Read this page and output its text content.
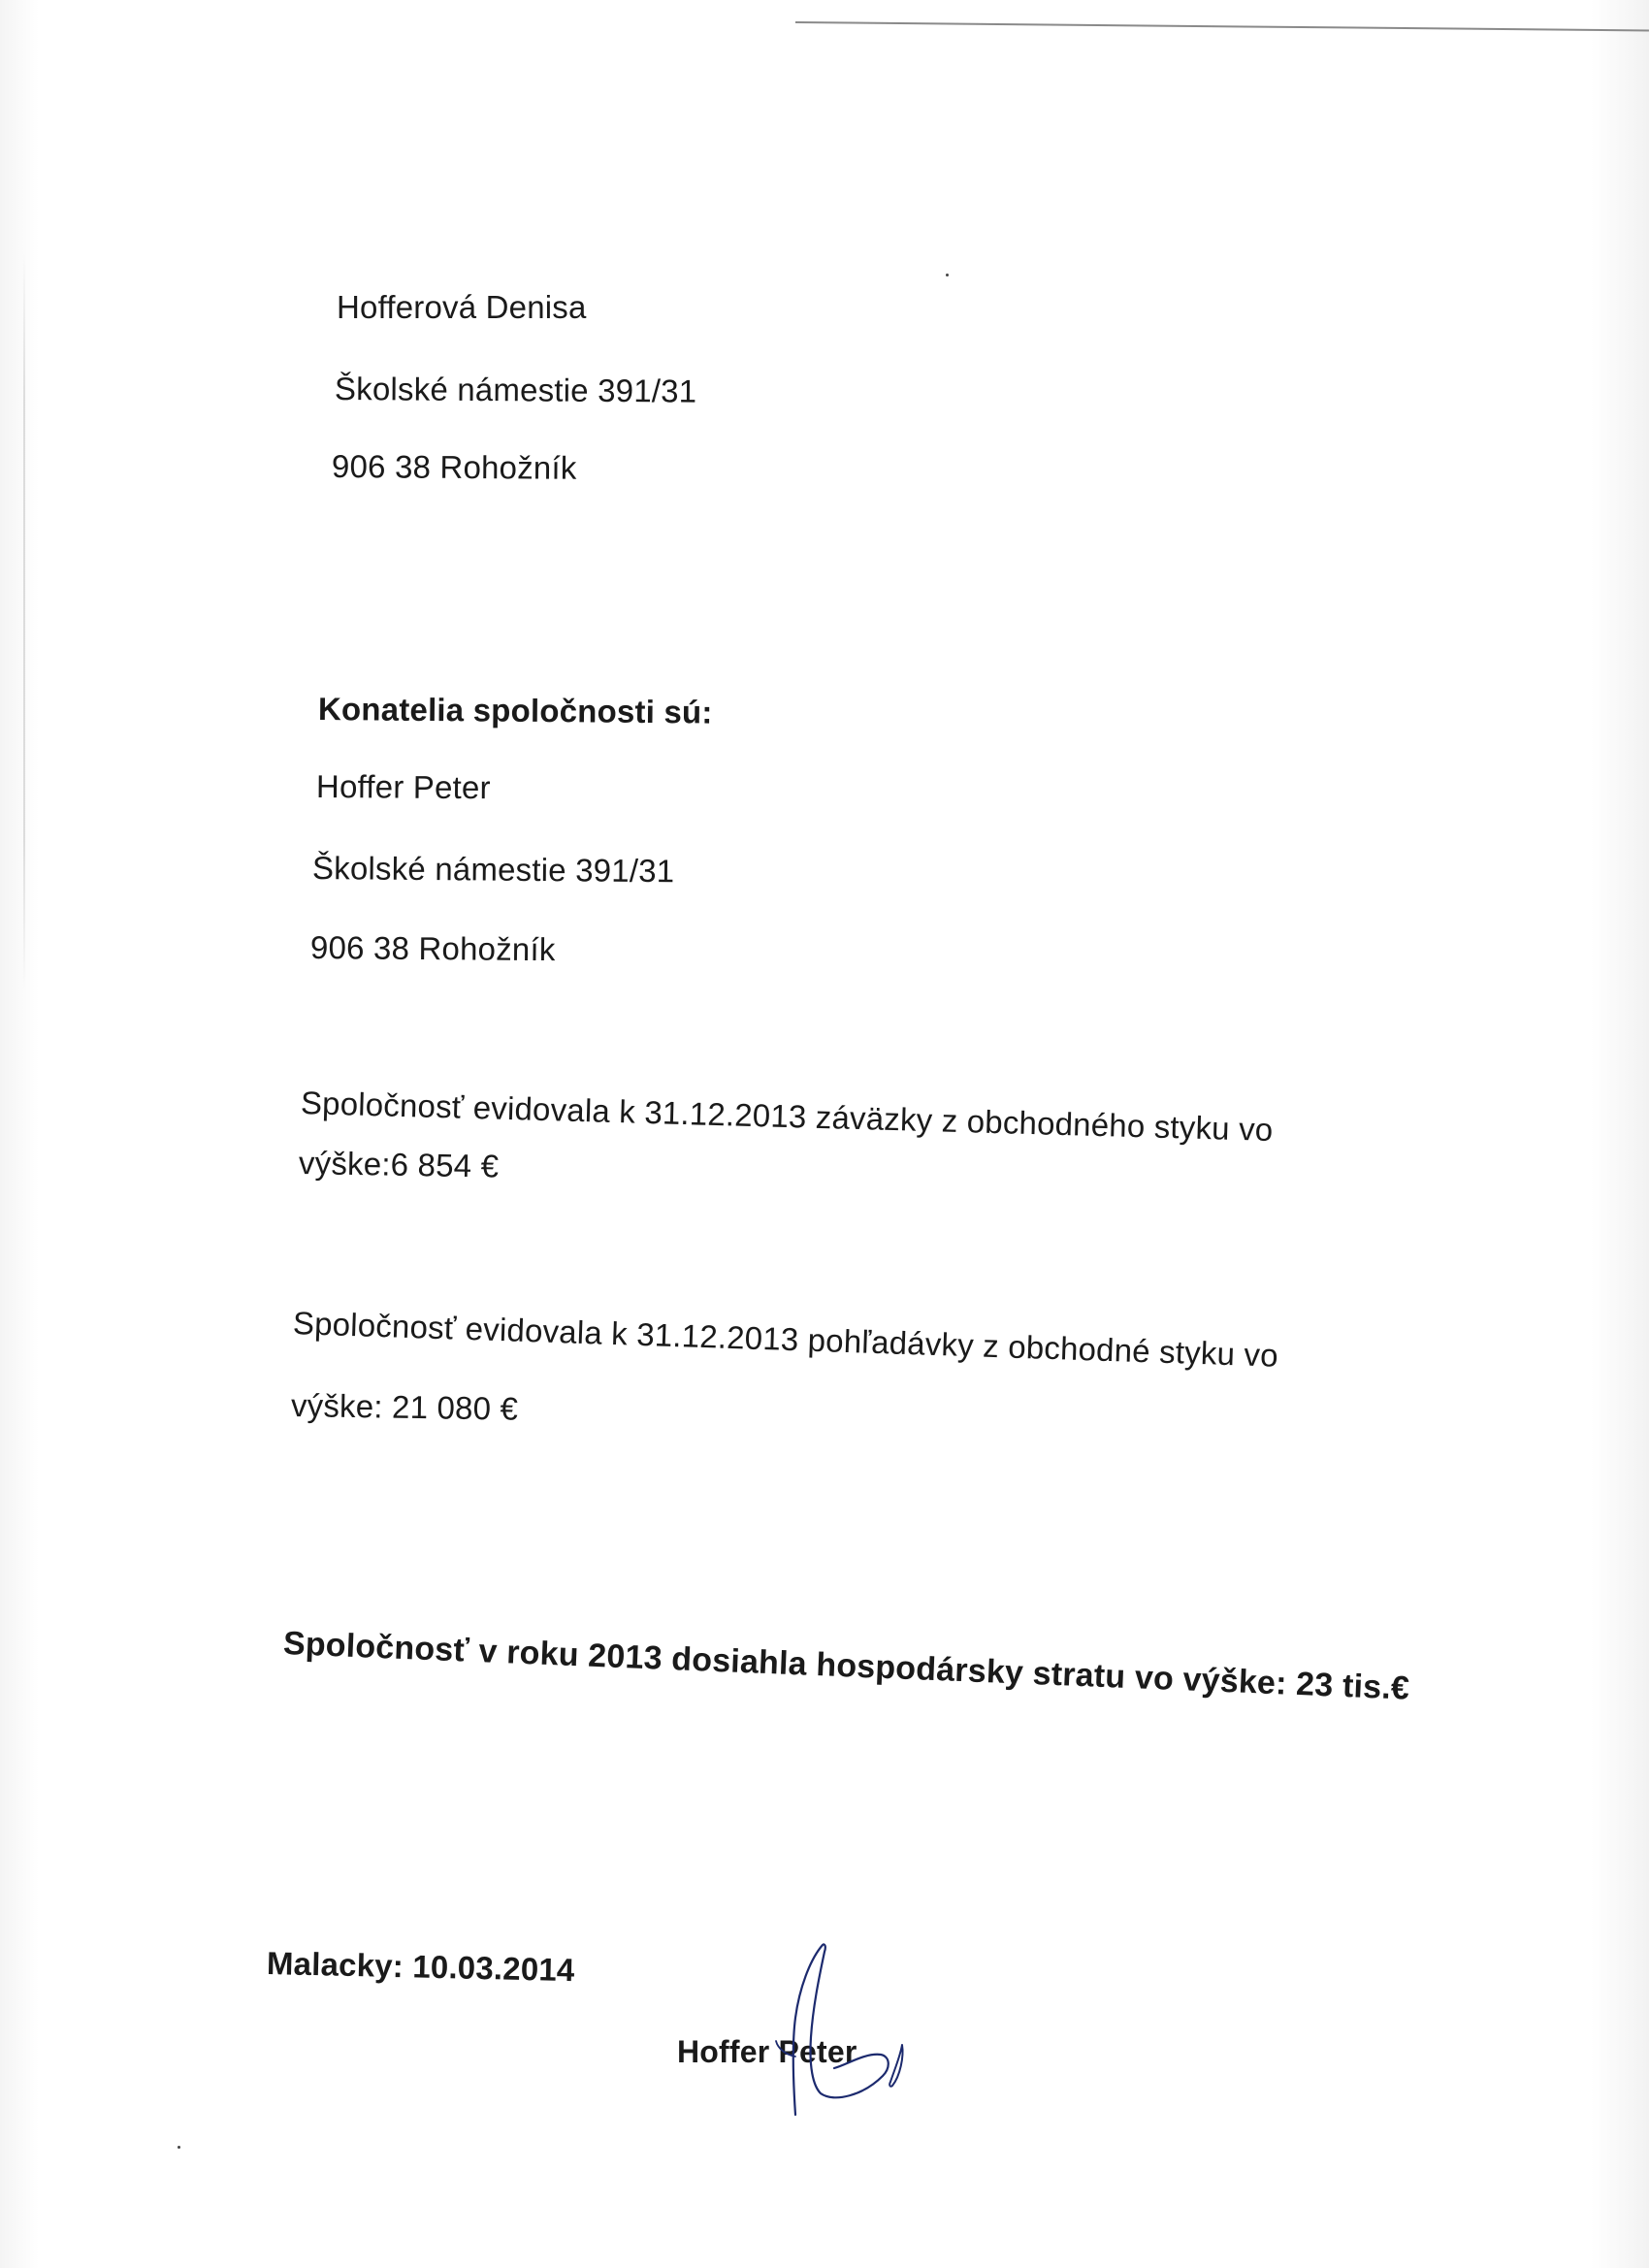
Hofferová Denisa
Školské námestie 391/31
906 38 Rohožník
Konatelia spoločnosti sú:
Hoffer Peter
Školské námestie 391/31
906 38 Rohožník
Spoločnosť evidovala k 31.12.2013 záväzky z obchodného styku vo
výške:6 854 €
Spoločnosť evidovala k 31.12.2013 pohľadávky z obchodné styku vo
výške: 21 080 €
Spoločnosť v roku 2013 dosiahla hospodársky stratu vo výške: 23 tis.€
Malacky: 10.03.2014
Hoffer Peter
